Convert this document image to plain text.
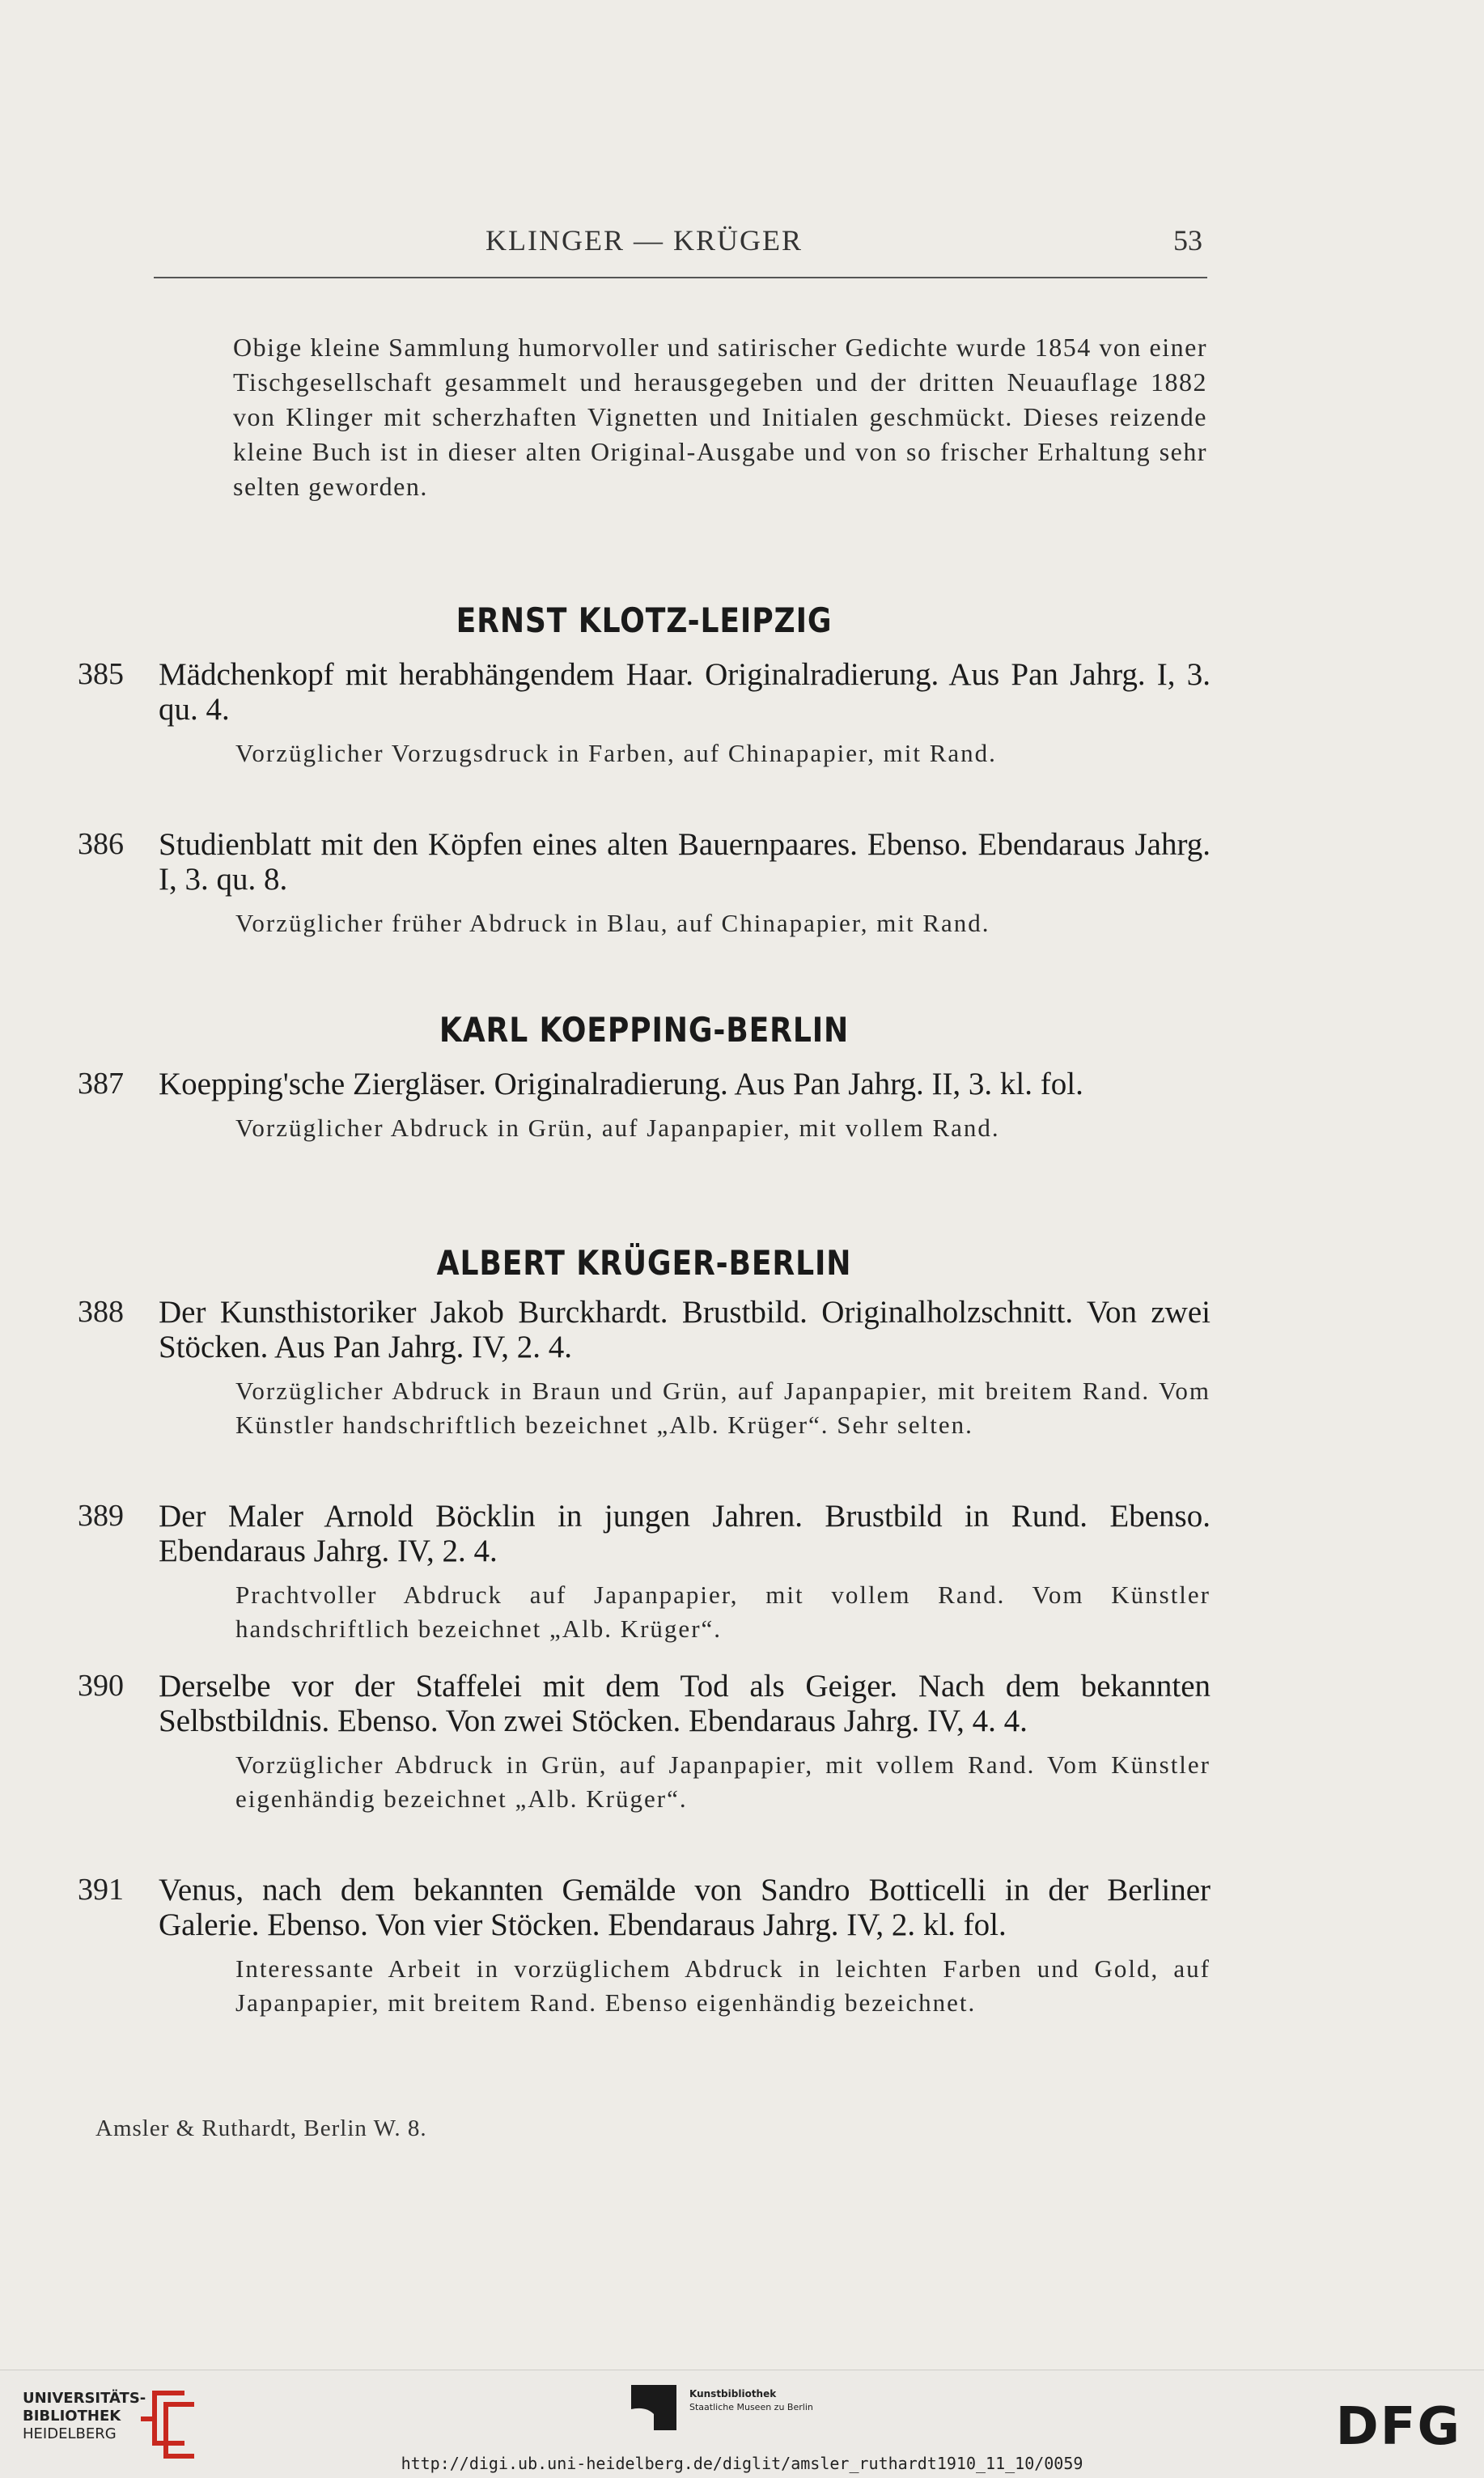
KLINGER — KRÜGER	53
Obige kleine Sammlung humorvoller und satirischer Gedichte wurde 1854 von einer Tischgesellschaft gesammelt und herausgegeben und der dritten Neuauflage 1882 von Klinger mit scherzhaften Vignetten und Initialen geschmückt. Dieses reizende kleine Buch ist in dieser alten Original-Ausgabe und von so frischer Erhaltung sehr selten geworden.
ERNST KLOTZ-LEIPZIG
385 Mädchenkopf mit herabhängendem Haar. Originalradierung. Aus Pan Jahrg. I, 3. qu. 4.
Vorzüglicher Vorzugsdruck in Farben, auf Chinapapier, mit Rand.
386 Studienblatt mit den Köpfen eines alten Bauernpaares. Ebenso. Ebendaraus Jahrg. I, 3. qu. 8.
Vorzüglicher früher Abdruck in Blau, auf Chinapapier, mit Rand.
KARL KOEPPING-BERLIN
387 Koepping'sche Ziergläser. Originalradierung. Aus Pan Jahrg. II, 3. kl. fol.
Vorzüglicher Abdruck in Grün, auf Japanpapier, mit vollem Rand.
ALBERT KRÜGER-BERLIN
388 Der Kunsthistoriker Jakob Burckhardt. Brustbild. Originalholzschnitt. Von zwei Stöcken. Aus Pan Jahrg. IV, 2. 4.
Vorzüglicher Abdruck in Braun und Grün, auf Japanpapier, mit breitem Rand. Vom Künstler handschriftlich bezeichnet „Alb. Krüger“. Sehr selten.
389 Der Maler Arnold Böcklin in jungen Jahren. Brustbild in Rund. Ebenso. Ebendaraus Jahrg. IV, 2. 4.
Prachtvoller Abdruck auf Japanpapier, mit vollem Rand. Vom Künstler handschriftlich bezeichnet „Alb. Krüger“.
390 Derselbe vor der Staffelei mit dem Tod als Geiger. Nach dem bekannten Selbstbildnis. Ebenso. Von zwei Stöcken. Ebendaraus Jahrg. IV, 4. 4.
Vorzüglicher Abdruck in Grün, auf Japanpapier, mit vollem Rand. Vom Künstler eigenhändig bezeichnet „Alb. Krüger“.
391 Venus, nach dem bekannten Gemälde von Sandro Botticelli in der Berliner Galerie. Ebenso. Von vier Stöcken. Ebendaraus Jahrg. IV, 2. kl. fol.
Interessante Arbeit in vorzüglichem Abdruck in leichten Farben und Gold, auf Japanpapier, mit breitem Rand. Ebenso eigenhändig bezeichnet.
Amsler & Ruthardt, Berlin W. 8.
UNIVERSITÄTS-
BIBLIOTHEK
HEIDELBERG
Kunstbibliothek
Staatliche Museen zu Berlin	DFG
http://digi.ub.uni-heidelberg.de/diglit/amsler_ruthardt1910_11_10/0059
